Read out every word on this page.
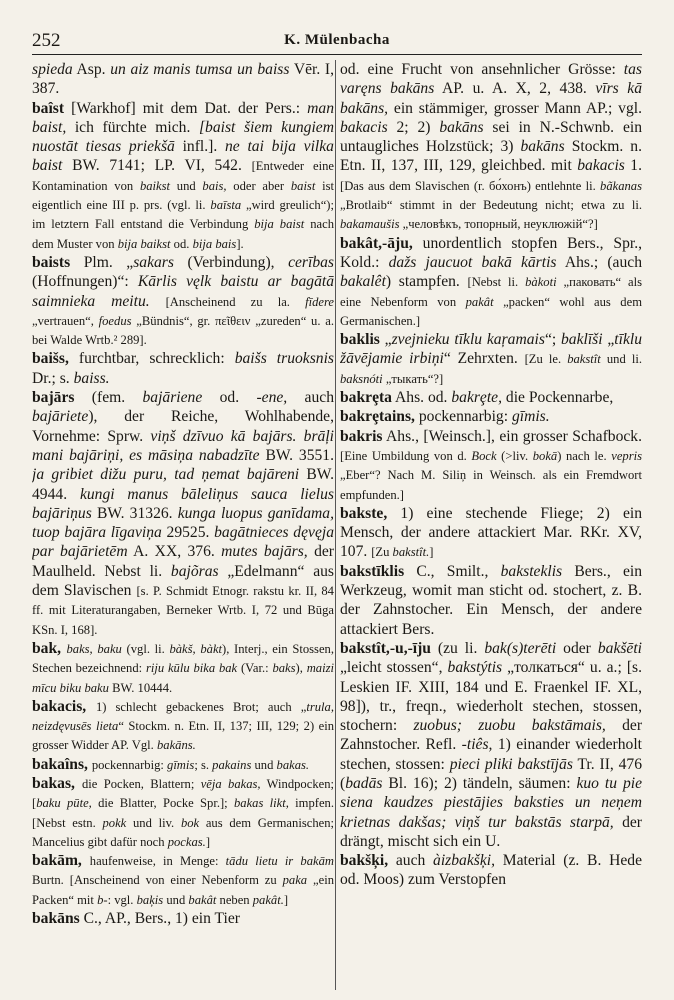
252	K. Mülenbacha

spieda Asp. un aiz manis tumsa un baiss Vēr. I, 387.

baîst [Warkhof] mit dem Dat. der Pers.: man baist, ich fürchte mich. [baist šiem kungiem nuostāt tiesas priekšā infl.]. ne tai bija vilka baist BW. 7141; LP. VI, 542. [Entweder eine Kontamination von baikst und bais, oder aber baist ist eigentlich eine III p. prs. (vgl. li. baīsta „wird greulich“); im letztern Fall entstand die Verbindung bija baist nach dem Muster von bija baikst od. bija bais].

baists Plm. „sakars (Verbindung), cerības (Hoffnungen)“: Kārlis vęlk baistu ar bagātā saimnieka meitu. [Anscheinend zu la. fīdere „vertrauen“, foedus „Bündnis“, gr. πεῖθειν „zureden“ u. a. bei Walde Wrtb.² 289].

baišs, furchtbar, schrecklich: baišs truoksnis Dr.; s. baiss.

bajārs (fem. bajāriene od. -ene, auch bajāriete), der Reiche, Wohlhabende, Vornehme: Sprw. viņš dzīvuo kā bajārs. brāļi mani bajāriņi, es māsiņa nabadzīte BW. 3551. ja gribiet dižu puru, tad ņemat bajāreni BW. 4944. kungi manus bāleliņus sauca lielus bajāriņus BW. 31326. kunga luopus ganīdama, tuop bajāra līgaviņa 29525. bagātnieces dęvęja par bajārietēm A. XX, 376. mutes bajārs, der Maulheld. Nebst li. bajõras „Edelmann“ aus dem Slavischen [s. P. Schmidt Etnogr. rakstu kr. II, 84 ff. mit Literaturangaben, Berneker Wrtb. I, 72 und Būga KSn. I, 168].

bak, baks, baku (vgl. li. bàkš, bàkt), Interj., ein Stossen, Stechen bezeichnend: riju kūlu bika bak (Var.: baks), maizi mīcu biku baku BW. 10444.

bakacis, 1) schlecht gebackenes Brot; auch „trula, neizdęvusēs lieta“ Stockm. n. Etn. II, 137; III, 129; 2) ein grosser Widder AP. Vgl. bakāns.

bakaîns, pockennarbig: gīmis; s. pakains und bakas.

bakas, die Pocken, Blattern; vēja bakas, Windpocken; [baku pūte, die Blatter, Pocke Spr.]; bakas likt, impfen. [Nebst estn. pokk und liv. bok aus dem Germanischen; Mancelius gibt dafür noch pockas.]

bakām, haufenweise, in Menge: tādu lietu ir bakām Burtn. [Anscheinend von einer Nebenform zu paka „ein Packen“ mit b-: vgl. baķis und bakât neben pakât.]

bakāns C., AP., Bers., 1) ein Tier

od. eine Frucht von ansehnlicher Grösse: tas varęns bakāns AP. u. A. X, 2, 438. vīrs kā bakāns, ein stämmiger, grosser Mann AP.; vgl. bakacis 2; 2) bakāns sei in N.-Schwnb. ein untaugliches Holzstück; 3) bakāns Stockm. n. Etn. II, 137, III, 129, gleichbed. mit bakacis 1. [Das aus dem Slavischen (r. бо́хонъ) entlehnte li. bãkanas „Brotlaib“ stimmt in der Bedeutung nicht; etwa zu li. bakamaušis „человѣкъ, топорный, неуклюжій“?]

bakât,-āju, unordentlich stopfen Bers., Spr., Kold.: dažs jaucuot bakā kārtis Ahs.; (auch bakalêt) stampfen. [Nebst li. bàkoti „паковать“ als eine Nebenform von pakât „packen“ wohl aus dem Germanischen.]

baklis „zvejnieku tīklu kaŗamais“; baklīši „tīklu žāvējamie irbiņi“ Zehrxten. [Zu le. bakstît und li. baksnóti „тыкать“?]

bakrȩta Ahs. od. bakrȩte, die Pockennarbe,

bakrȩtains, pockennarbig: gīmis.

bakris Ahs., [Weinsch.], ein grosser Schafbock. [Eine Umbildung von d. Bock (>liv. bokā) nach le. vepris „Eber“? Nach M. Siliņ in Weinsch. als ein Fremdwort empfunden.]

bakste, 1) eine stechende Fliege; 2) ein Mensch, der andere attackiert Mar. RKr. XV, 107. [Zu bakstît.]

bakstīklis C., Smilt., baksteklis Bers., ein Werkzeug, womit man sticht od. stochert, z. B. der Zahnstocher. Ein Mensch, der andere attackiert Bers.

bakstît,-u,-īju (zu li. bak(s)terēti oder bakšēti „leicht stossen“, bakstýtis „толкаться“ u. a.; [s. Leskien IF. XIII, 184 und E. Fraenkel IF. XL, 98]), tr., freqn., wiederholt stechen, stossen, stochern: zuobus; zuobu bakstāmais, der Zahnstocher. Refl. -tiês, 1) einander wiederholt stechen, stossen: pieci pliki bakstījās Tr. II, 476 (badās Bl. 16); 2) tändeln, säumen: kuo tu pie siena kaudzes piestājies baksties un neņem krietnas dakšas; viņš tur bakstās starpā, der drängt, mischt sich ein U.

bakšķi, auch àizbakšķi, Material (z. B. Hede od. Moos) zum Verstopfen
